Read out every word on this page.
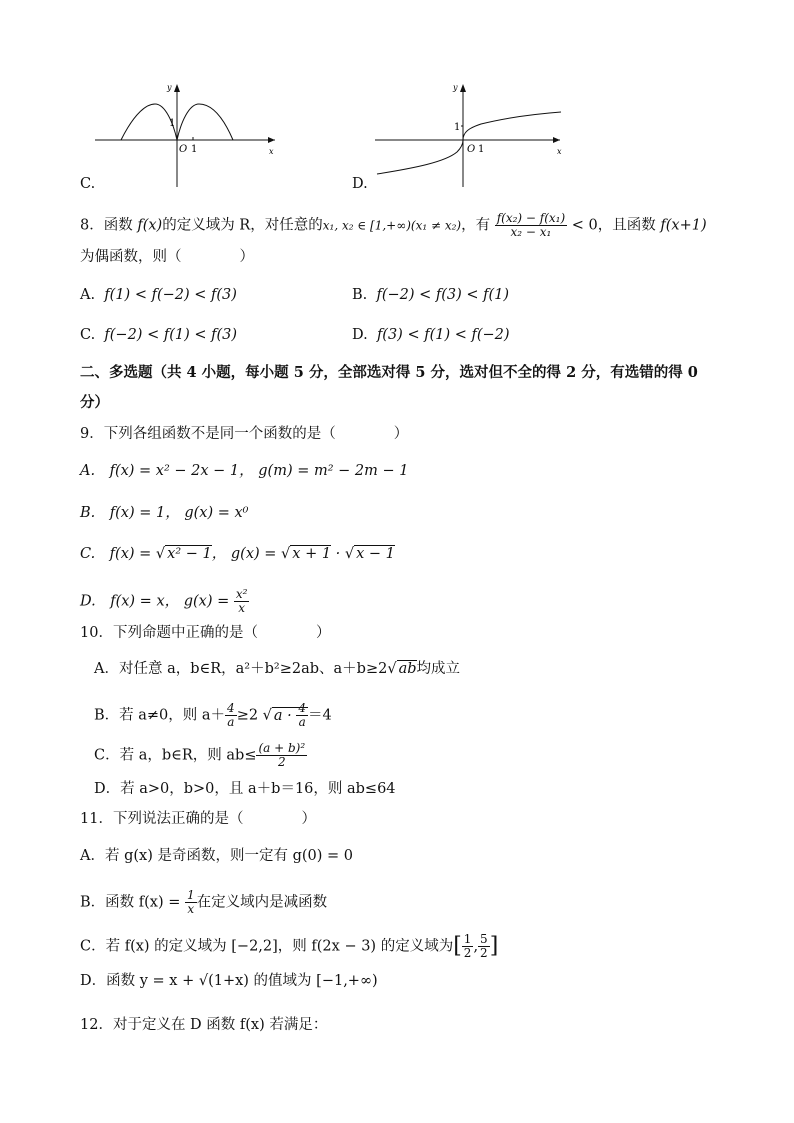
y
x
O 1
1
C.
y
x
O 1
1
D.
8．函数 f(x)的定义域为 R，对任意的x₁, x₂ ∈ [1,+∞)(x₁ ≠ x₂)，有 $\frac{\text{f(x₂) − f(x₁)}}{\text{x₂ − x₁}} < 0$，且函数 f(x+1)
为偶函数，则（　　　　）
A. f(1) < f(−2) < f(3)	B. f(−2) < f(3) < f(1)
C. f(−2) < f(1) < f(3)	D. f(3) < f(1) < f(−2)
二、多选题（共 4 小题，每小题 5 分，全部选对得 5 分，选对但不全的得 2 分，有选错的得 0
分）
9．下列各组函数不是同一个函数的是（　　　　）
A.　f(x) = x² − 2x − 1， g(m) = m² − 2m − 1
B.　f(x) = 1， g(x) = x⁰
C.　f(x) = √ x² − 1， g(x) = √ x + 1 · √ x − 1
D.　f(x) = x， $g(x) = \frac{\text{x²}}{x}$
10．下列命题中正确的是（　　　　）
A．对任意 a，b∈R，a²＋b²≥2ab、a＋b≥2√ ab均成立
B．若 a≠0，则 $a+ \frac{4}{a} \ge 2$ √ $a \cdot \frac{4}{a} =4$
C．若 a，b∈R，则 $ab\le \frac{\text{(a + b)²}}{2}$
D．若 a>0，b>0，且 a＋b＝16，则 ab≤64
11．下列说法正确的是（　　　　）
A．若 g(x) 是奇函数，则一定有 g(0) = 0
B．函数 $f(x) = \frac{1}{x}$ 在定义域内是减函数
C．若 f(x) 的定义域为 [−2,2]，则 f(2x − 3) 的定义域为[ $\frac{1}{2}$ , $\frac{5}{2}$ ]
D．函数 y = x + √(1+x) 的值域为 [−1,+∞)
12．对于定义在 D 函数 f(x) 若满足：
